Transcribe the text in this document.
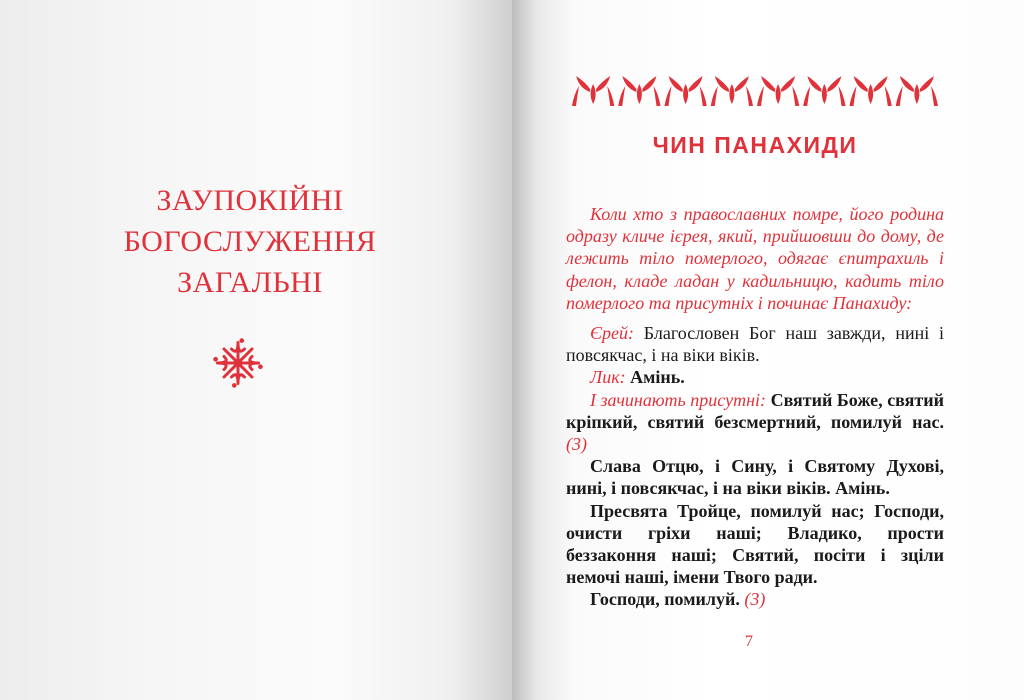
ЗАУПОКІЙНІ
БОГОСЛУЖЕННЯ
ЗАГАЛЬНІ
ЧИН ПАНАХИДИ

Коли хто з православних помре, його родина одразу кличе ієрея, який, прийшовши до дому, де лежить тіло померлого, одягає єпитрахиль і фелон, кладе ладан у кадильницю, кадить тіло померлого та присутніх і починає Панахиду:

Єрей: Благословен Бог наш завжди, нині і повсякчас, і на віки віків.

Лик: Амінь.

І зачинають присутні: Святий Боже, святий кріпкий, святий безсмертний, помилуй нас. (3)

Слава Отцю, і Сину, і Святому Духові, нині, і повсякчас, і на віки віків. Амінь.

Пресвята Тройце, помилуй нас; Господи, очисти гріхи наші; Владико, прости беззаконня наші; Святий, посіти і зціли немочі наші, імени Твого ради.

Господи, помилуй. (3)

7
